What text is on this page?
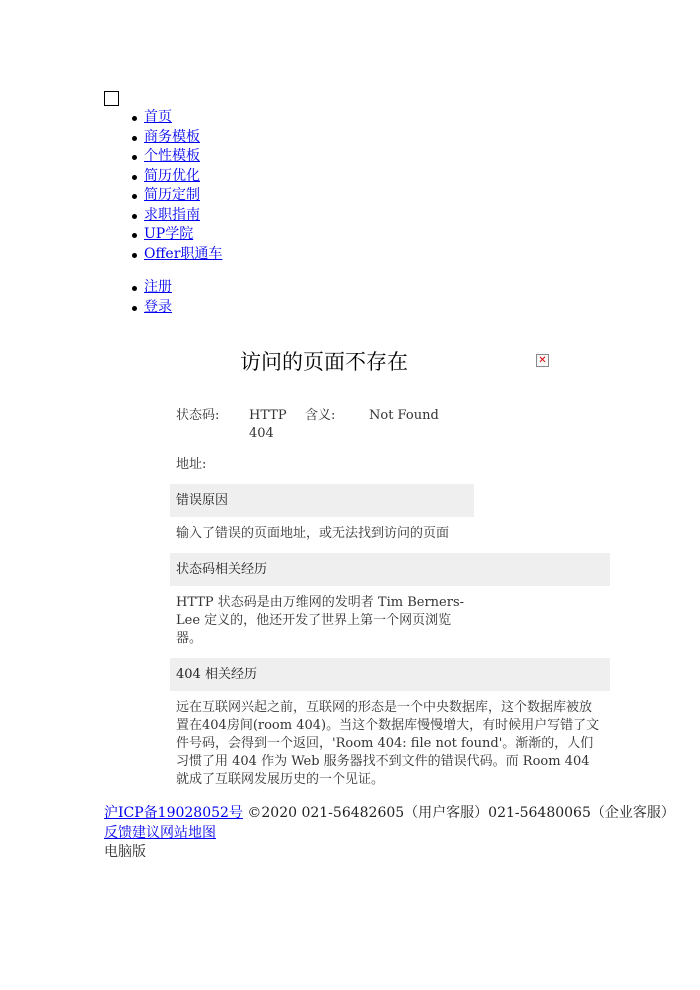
首页
商务模板
个性模板
简历优化
简历定制
求职指南
UP学院
Offer职通车
注册
登录
访问的页面不存在	✕
状态码: HTTP 404
含义:	Not Found
地址:
错误原因
输入了错误的页面地址，或无法找到访问的页面
状态码相关经历
HTTP 状态码是由万维网的发明者 Tim Berners-Lee 定义的，他还开发了世界上第一个网页浏览器。
404 相关经历
远在互联网兴起之前，互联网的形态是一个中央数据库，这个数据库被放置在404房间(room 404)。当这个数据库慢慢增大，有时候用户写错了文件号码，会得到一个返回，'Room 404: file not found'。渐渐的，人们习惯了用 404 作为 Web 服务器找不到文件的错误代码。而 Room 404 就成了互联网发展历史的一个见证。
沪ICP备19028052号 ©2020 021-56482605（用户客服）021-56480065（企业客服）
反馈建议网站地图
电脑版
